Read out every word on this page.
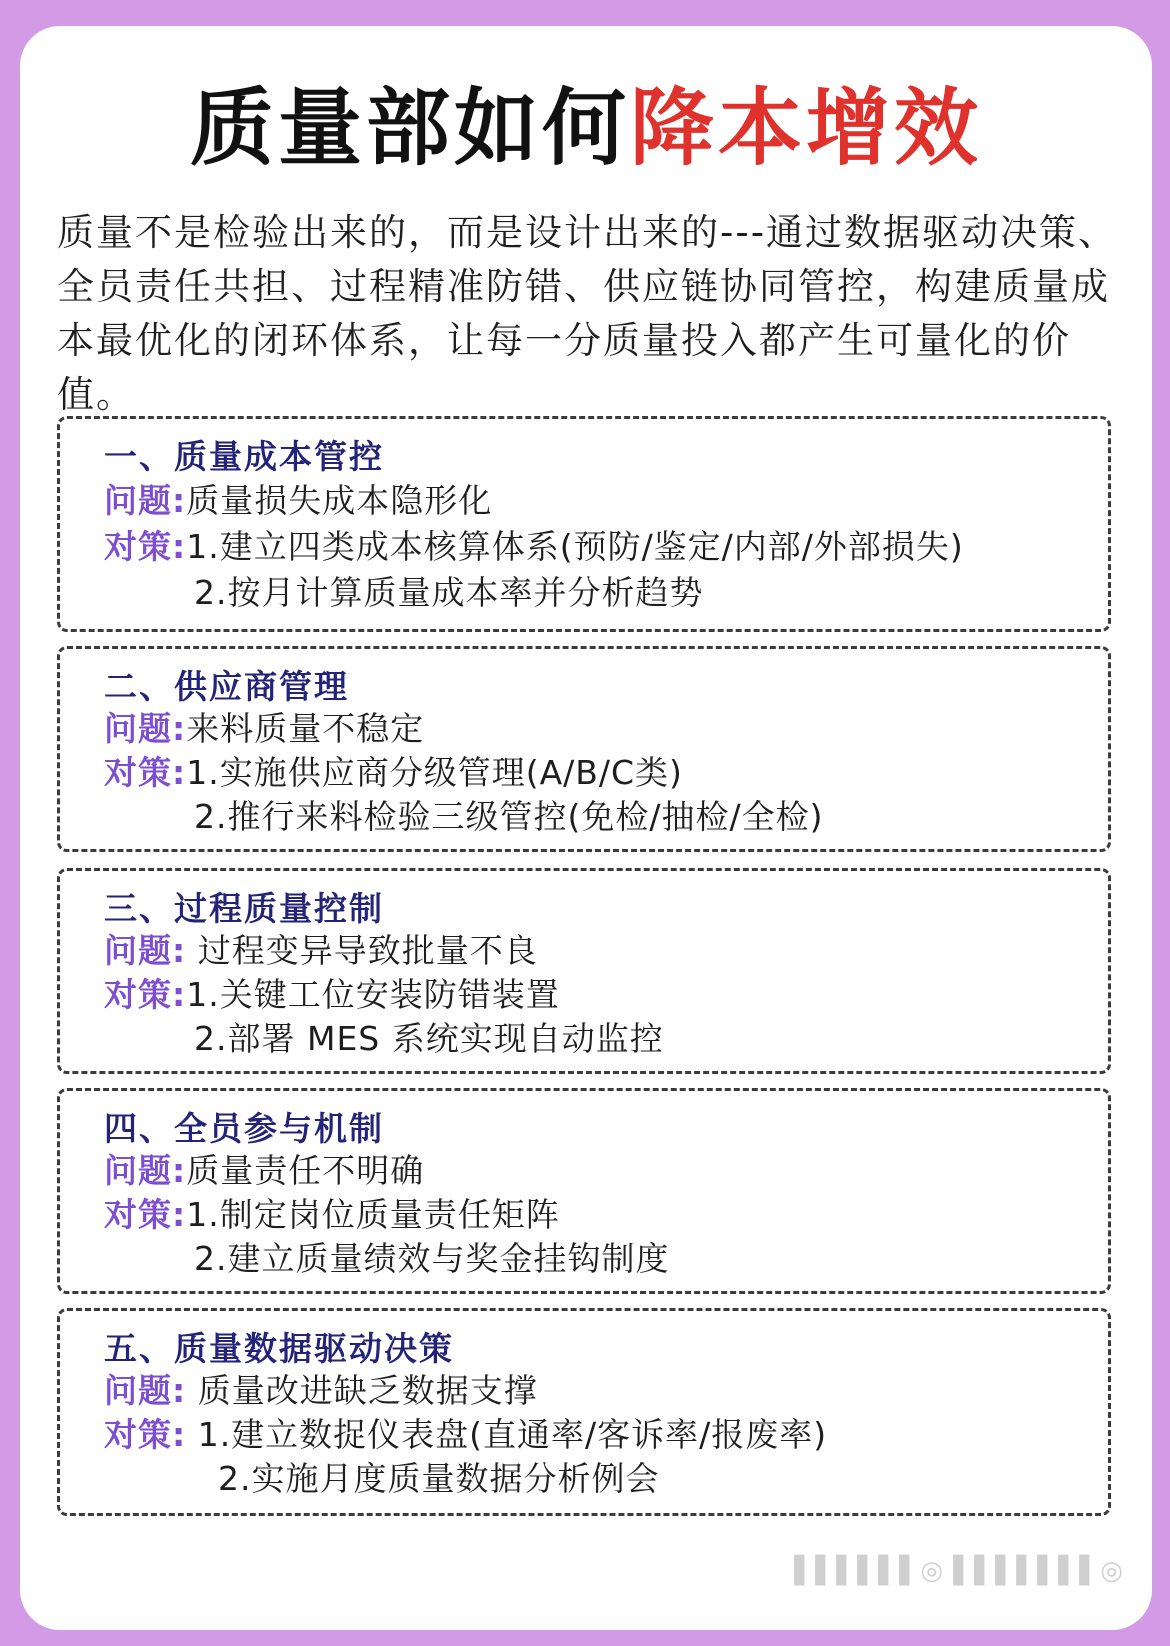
质量部如何降本增效
质量不是检验出来的，而是设计出来的---通过数据驱动决策、全员责任共担、过程精准防错、供应链协同管控，构建质量成本最优化的闭环体系，让每一分质量投入都产生可量化的价值。
一、质量成本管控
问题:质量损失成本隐形化
对策:1.建立四类成本核算体系(预防/鉴定/内部/外部损失)
2.按月计算质量成本率并分析趋势
二、供应商管理
问题:来料质量不稳定
对策:1.实施供应商分级管理(A/B/C类)
2.推行来料检验三级管控(免检/抽检/全检)
三、过程质量控制
问题: 过程变异导致批量不良
对策:1.关键工位安装防错装置
2.部署 MES 系统实现自动监控
四、全员参与机制
问题:质量责任不明确
对策:1.制定岗位质量责任矩阵
2.建立质量绩效与奖金挂钩制度
五、质量数据驱动决策
问题: 质量改进缺乏数据支撑
对策: 1.建立数捉仪表盘(直通率/客诉率/报废率)
2.实施月度质量数据分析例会
▌▌▌▌▌▌◎ ▌▌▌▌▌▌▌◎
